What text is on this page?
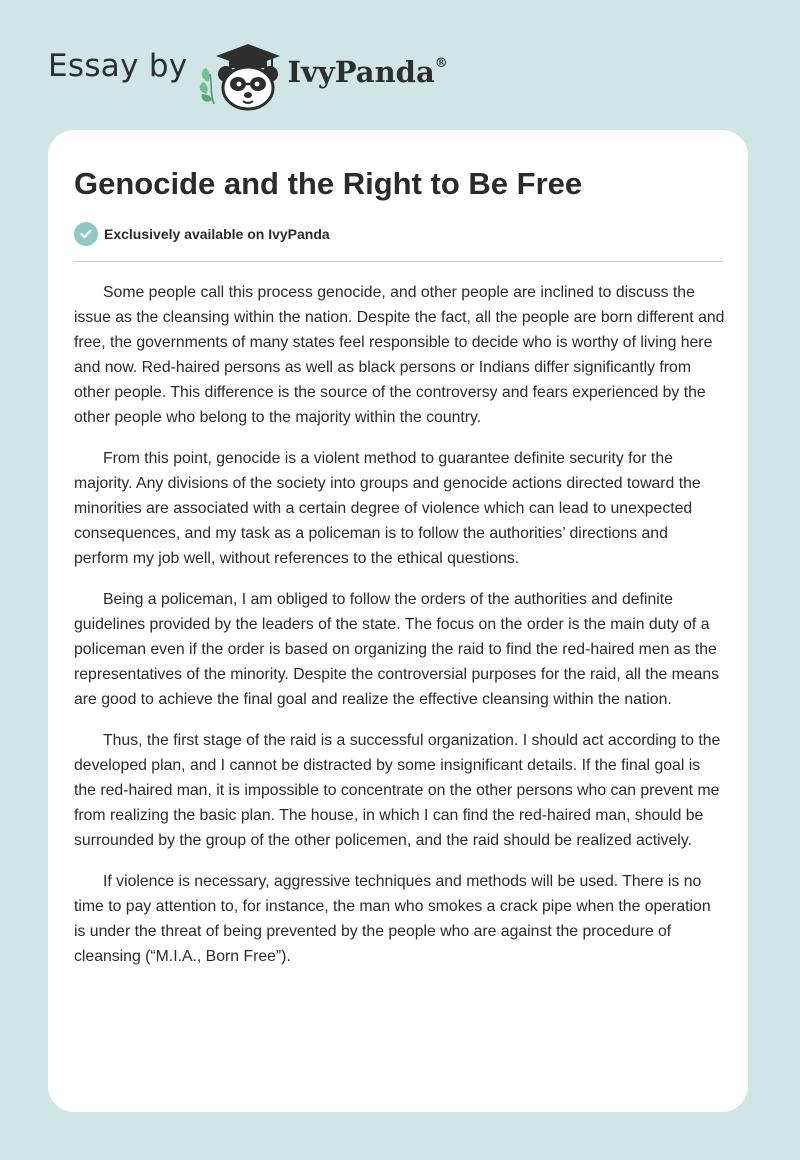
Essay by	IvyPanda®
Genocide and the Right to Be Free
Exclusively available on IvyPanda

Some people call this process genocide, and other people are inclined to discuss the issue as the cleansing within the nation. Despite the fact, all the people are born different and free, the governments of many states feel responsible to decide who is worthy of living here and now. Red-haired persons as well as black persons or Indians differ significantly from other people. This difference is the source of the controversy and fears experienced by the other people who belong to the majority within the country.

From this point, genocide is a violent method to guarantee definite security for the majority. Any divisions of the society into groups and genocide actions directed toward the minorities are associated with a certain degree of violence which can lead to unexpected consequences, and my task as a policeman is to follow the authorities’ directions and perform my job well, without references to the ethical questions.

Being a policeman, I am obliged to follow the orders of the authorities and definite guidelines provided by the leaders of the state. The focus on the order is the main duty of a policeman even if the order is based on organizing the raid to find the red-haired men as the representatives of the minority. Despite the controversial purposes for the raid, all the means are good to achieve the final goal and realize the effective cleansing within the nation.

Thus, the first stage of the raid is a successful organization. I should act according to the developed plan, and I cannot be distracted by some insignificant details. If the final goal is the red-haired man, it is impossible to concentrate on the other persons who can prevent me from realizing the basic plan. The house, in which I can find the red-haired man, should be surrounded by the group of the other policemen, and the raid should be realized actively.

If violence is necessary, aggressive techniques and methods will be used. There is no time to pay attention to, for instance, the man who smokes a crack pipe when the operation is under the threat of being prevented by the people who are against the procedure of cleansing (“M.I.A., Born Free”).
